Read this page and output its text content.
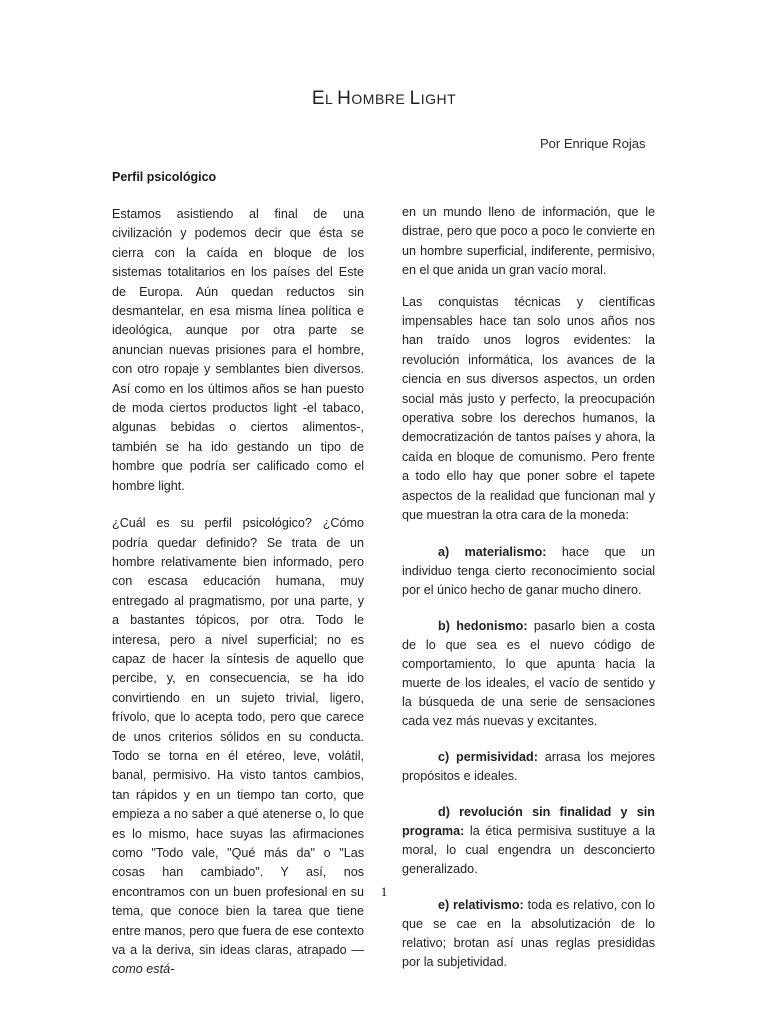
EL HOMBRE LIGHT
Por Enrique Rojas
Perfil psicológico

Estamos asistiendo al final de una civilización y podemos decir que ésta se cierra con la caída en bloque de los sistemas totalitarios en los países del Este de Europa. Aún quedan reductos sin desmantelar, en esa misma línea política e ideológica, aunque por otra parte se anuncian nuevas prisiones para el hombre, con otro ropaje y semblantes bien diversos. Así como en los últimos años se han puesto de moda ciertos productos light -el tabaco, algunas bebidas o ciertos alimentos-, también se ha ido gestando un tipo de hombre que podría ser calificado como el hombre light.

¿Cuál es su perfil psicológico? ¿Cómo podría quedar definido? Se trata de un hombre relativamente bien informado, pero con escasa educación humana, muy entregado al pragmatismo, por una parte, y a bastantes tópicos, por otra. Todo le interesa, pero a nivel superficial; no es capaz de hacer la síntesis de aquello que percibe, y, en consecuencia, se ha ido convirtiendo en un sujeto trivial, ligero, frívolo, que lo acepta todo, pero que carece de unos criterios sólidos en su conducta. Todo se torna en él etéreo, leve, volátil, banal, permisivo. Ha visto tantos cambios, tan rápidos y en un tiempo tan corto, que empieza a no saber a qué atenerse o, lo que es lo mismo, hace suyas las afirmaciones como "Todo vale, "Qué más da" o "Las cosas han cambiado". Y así, nos encontramos con un buen profesional en su tema, que conoce bien la tarea que tiene entre manos, pero que fuera de ese contexto va a la deriva, sin ideas claras, atrapado —como está-

en un mundo lleno de información, que le distrae, pero que poco a poco le convierte en un hombre superficial, indiferente, permisivo, en el que anida un gran vacío moral.

Las conquistas técnicas y científicas impensables hace tan solo unos años nos han traído unos logros evidentes: la revolución informática, los avances de la ciencia en sus diversos aspectos, un orden social más justo y perfecto, la preocupación operativa sobre los derechos humanos, la democratización de tantos países y ahora, la caída en bloque de comunismo. Pero frente a todo ello hay que poner sobre el tapete aspectos de la realidad que funcionan mal y que muestran la otra cara de la moneda:

a) materialismo: hace que un individuo tenga cierto reconocimiento social por el único hecho de ganar mucho dinero.

b) hedonismo: pasarlo bien a costa de lo que sea es el nuevo código de comportamiento, lo que apunta hacia la muerte de los ideales, el vacío de sentido y la búsqueda de una serie de sensaciones cada vez más nuevas y excitantes.

c) permisividad: arrasa los mejores propósitos e ideales.

d) revolución sin finalidad y sin programa: la ética permisiva sustituye a la moral, lo cual engendra un desconcierto generalizado.

e) relativismo: toda es relativo, con lo que se cae en la absolutización de lo relativo; brotan así unas reglas presididas por la subjetividad.

1
